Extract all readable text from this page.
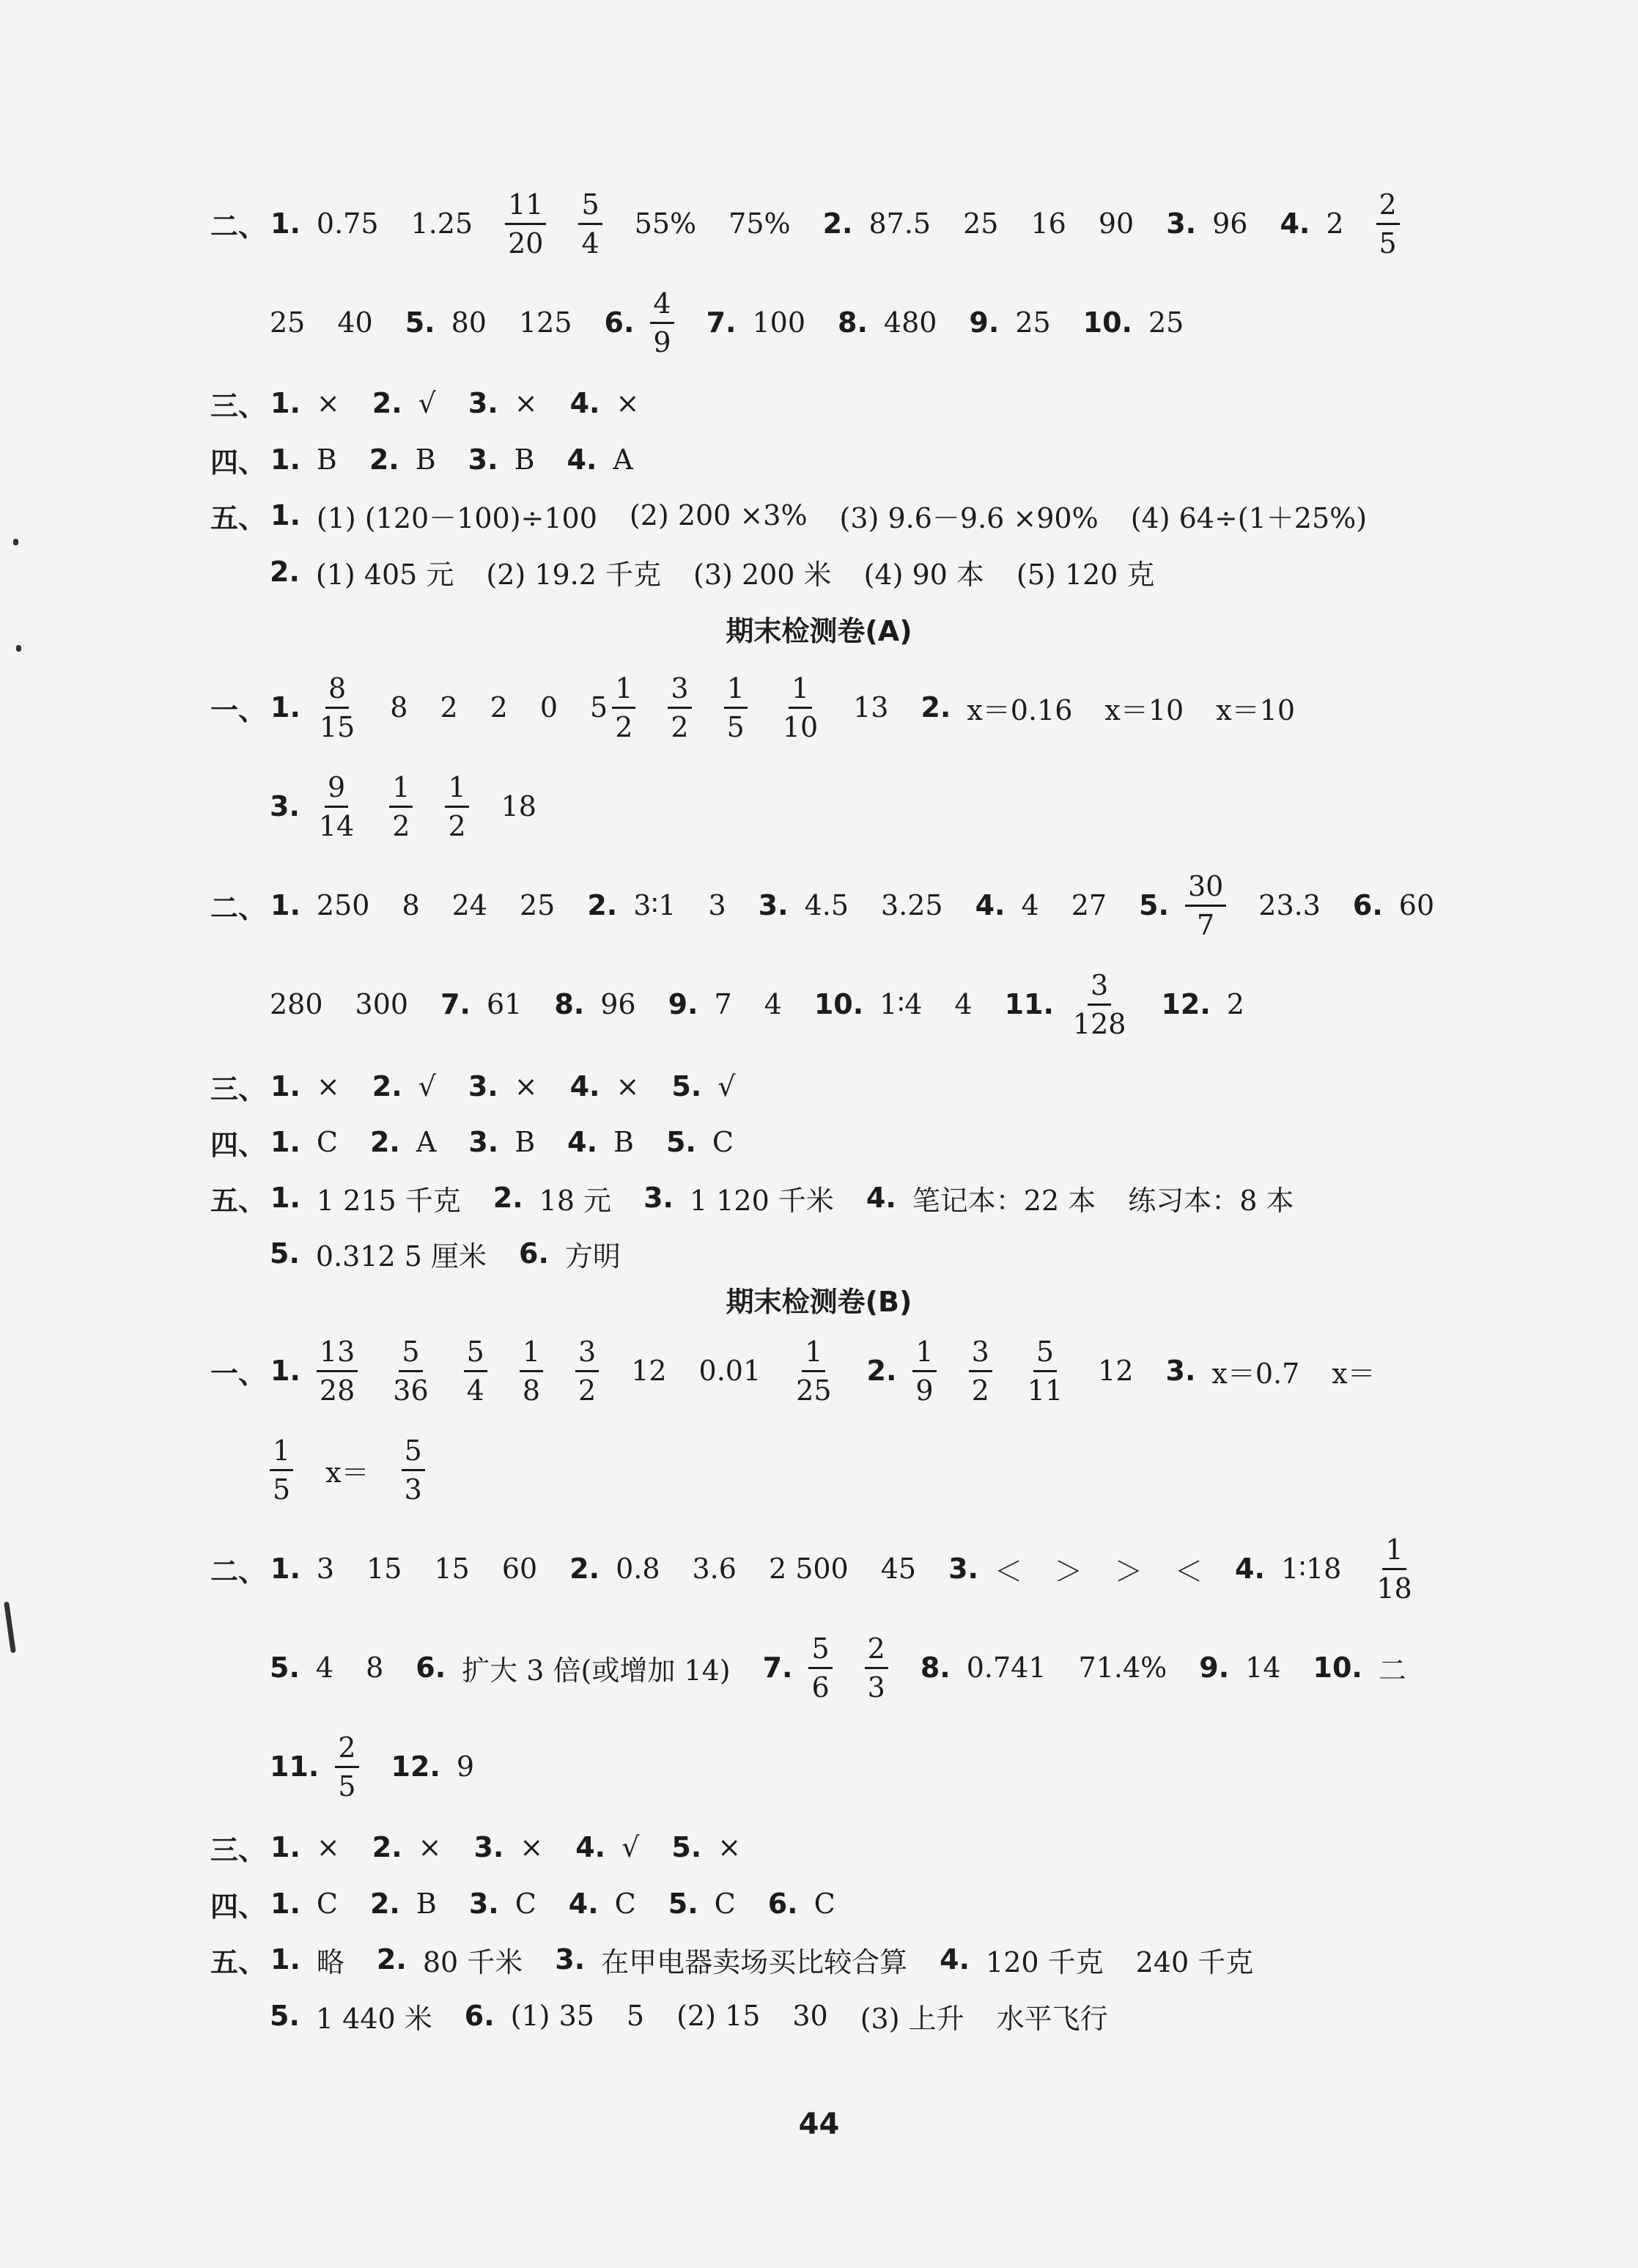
二、 1. 0.75 $1.25 \frac{11}{20} \frac{5}{4} 55\%$ 75% 2. 87.5 25 16 90 3. 96 4. $2 \frac{2}{5}$
25 40 5. 80 125 6. $\frac{4}{9} 7$. 100 8. 480 9. 25 10. 25
三、 1. × 2. √ 3. × 4. ×
四、 1. B 2. B 3. B 4. A
五、 1. (1) (120－100)÷100 (2) 200 ×3% (3) 9.6－9.6 ×90% (4) 64÷(1＋25%)
2. (1) 405 元 (2) 19.2 千克 (3) 200 米 (4) 90 本 (5) 120 克
期末检测卷(A)
一、 1. $\frac{8}{15} 8$ 2 2 0 $5 \frac{1}{2} \frac{3}{2} \frac{1}{5} \frac{1}{10} 13$ 2. x＝0.16 x＝10 x＝10
3. $\frac{9}{14} \frac{1}{2} \frac{1}{2} 18$
二、 1. 250 8 24 25 2. 3∶1 3 3. 4.5 3.25 4. 4 27 5. $\frac{30}{7} 23.3$ 6. 60
280 300 7. 61 8. 96 9. 7 4 10. 1∶4 4 11. $\frac{3}{128} 12$. 2
三、 1. × 2. √ 3. × 4. × 5. √
四、 1. C 2. A 3. B 4. B 5. C
五、 1. 1 215 千克 2. 18 元 3. 1 120 千米 4. 笔记本：22 本 练习本：8 本
5. 0.312 5 厘米 6. 方明
期末检测卷(B)
一、 1. $\frac{13}{28} \frac{5}{36} \frac{5}{4} \frac{1}{8} \frac{3}{2} 12$ $0.01 \frac{1}{25} 2$. $\frac{1}{9} \frac{3}{2} \frac{5}{11} 12$ 3. x＝0.7 x＝
$\frac{1}{5} x= \frac{5}{3}$
二、 1. 3 15 15 60 2. 0.8 3.6 2 500 45 3. ＜ ＞ ＞ ＜ 4. 1∶18 $\frac{1}{18}$
5. 4 8 6. 扩大 3 倍(或增加 14) 7. $\frac{5}{6} \frac{2}{3} 8$. 0.741 71.4% 9. 14 10. 二
11. $\frac{2}{5} 12$. 9
三、 1. × 2. × 3. × 4. √ 5. ×
四、 1. C 2. B 3. C 4. C 5. C 6. C
五、 1. 略 2. 80 千米 3. 在甲电器卖场买比较合算 4. 120 千克 240 千克
5. 1 440 米 6. (1) 35 5 (2) 15 30 (3) 上升 水平飞行
44
